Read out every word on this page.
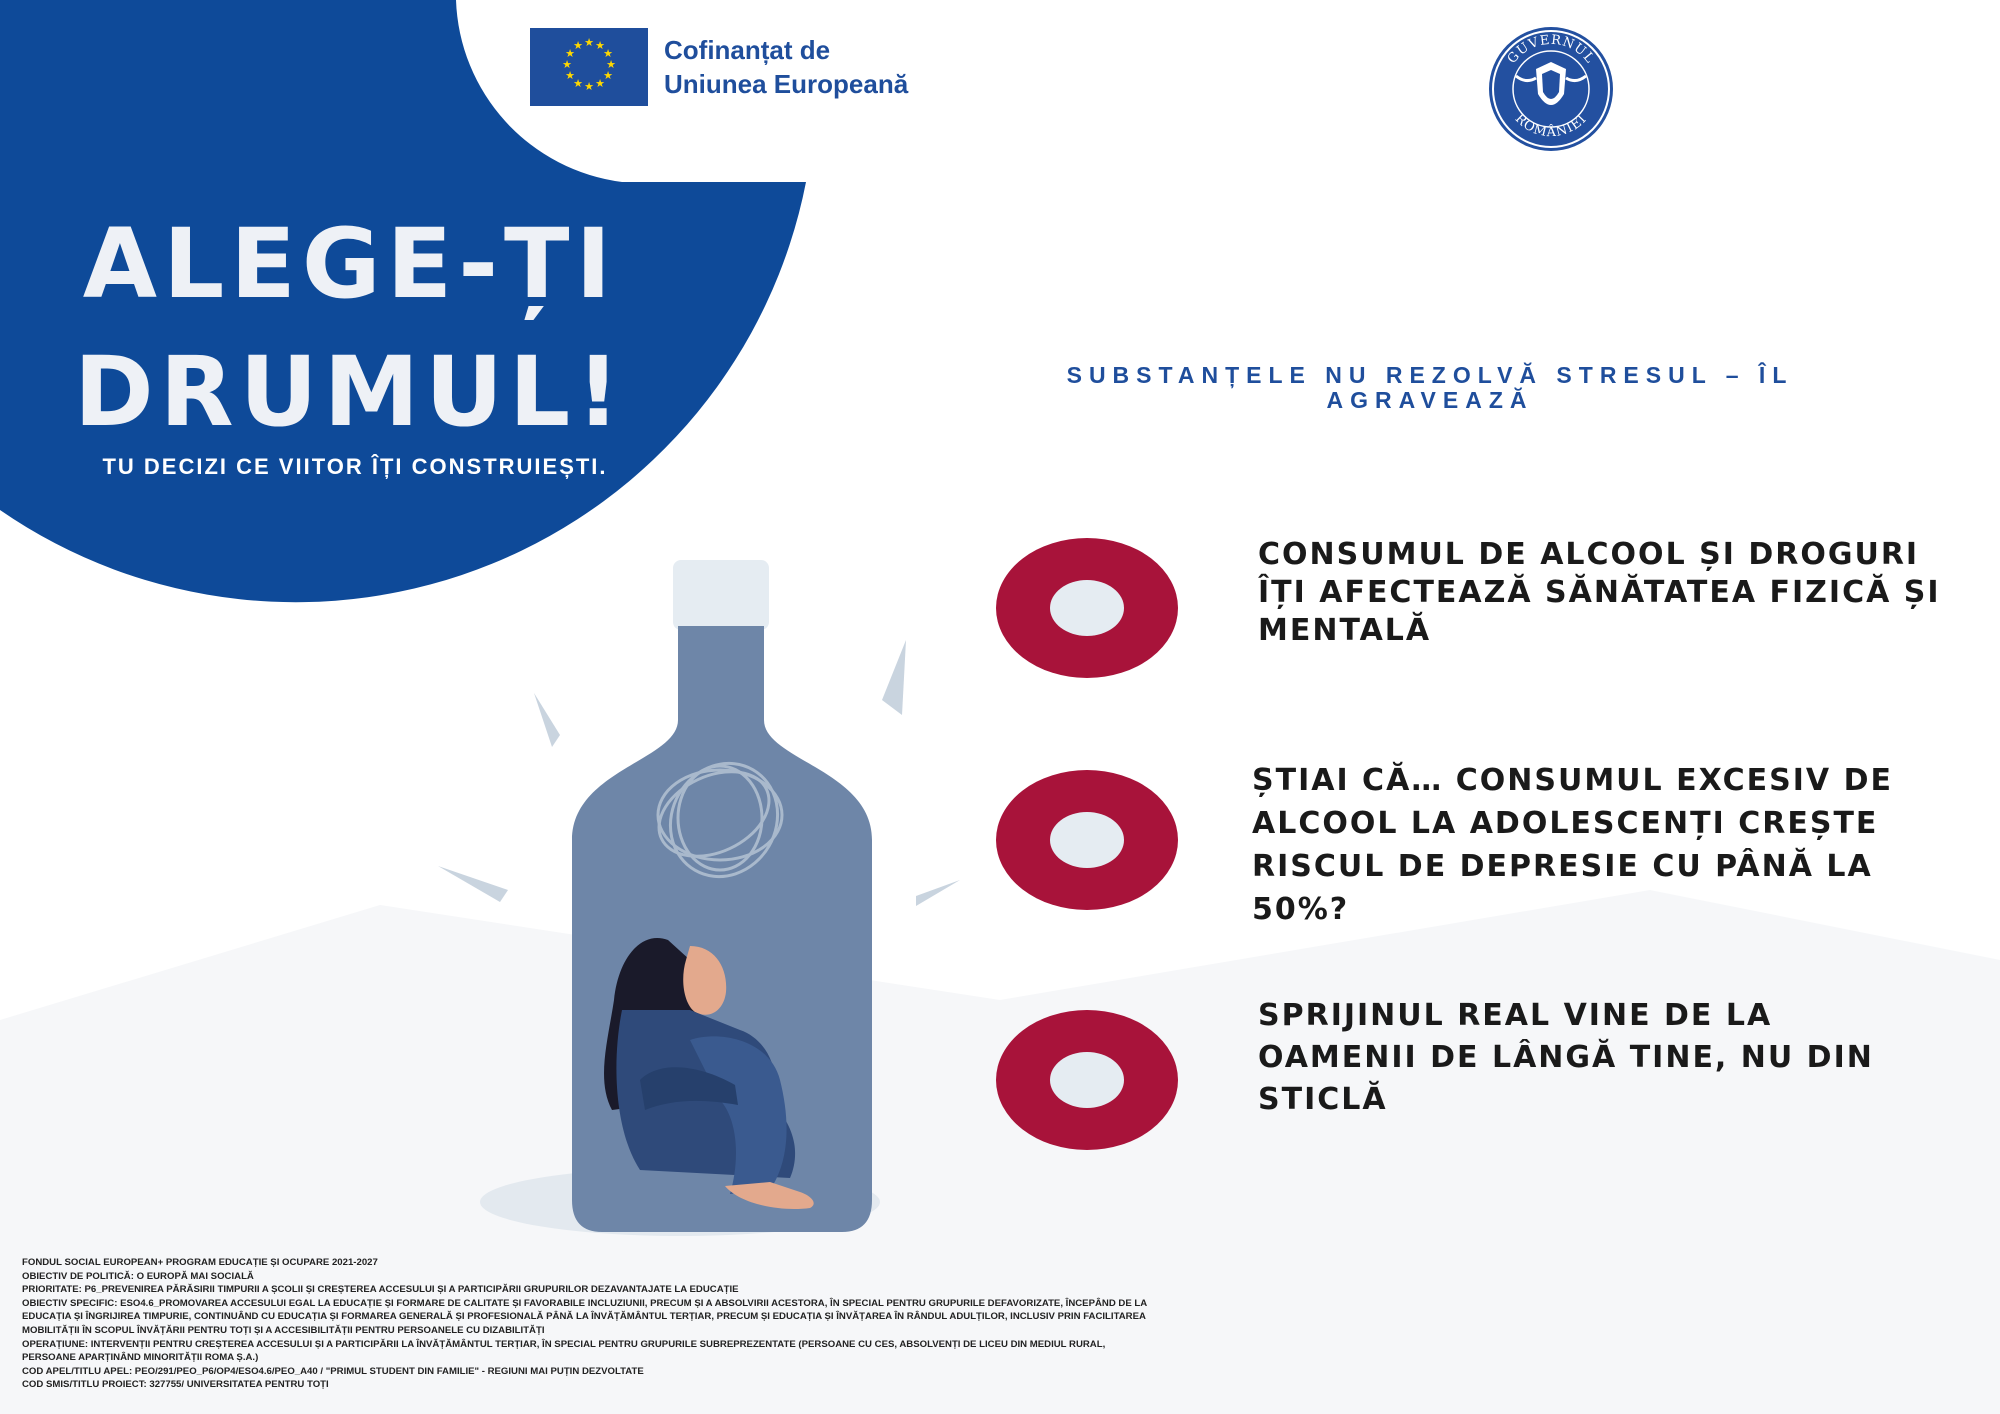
★ ★
★
★
★
★
★
★
★
★
★
★	Cofinanțat de
Uniunea Europeană
GUVERNUL
ROMÂNIEI
ALEGE-ȚI
DRUMUL!
TU DECIZI CE VIITOR ÎȚI CONSTRUIEȘTI.
SUBSTANȚELE NU REZOLVĂ STRESUL – ÎL
AGRAVEAZĂ
CONSUMUL DE ALCOOL ȘI DROGURI
ÎȚI AFECTEAZĂ SĂNĂTATEA FIZICĂ ȘI
MENTALĂ
ȘTIAI CĂ… CONSUMUL EXCESIV DE
ALCOOL LA ADOLESCENȚI CREȘTE
RISCUL DE DEPRESIE CU PÂNĂ LA
50%?
SPRIJINUL REAL VINE DE LA
OAMENII DE LÂNGĂ TINE, NU DIN
STICLĂ
FONDUL SOCIAL EUROPEAN+ PROGRAM EDUCAȚIE ȘI OCUPARE 2021-2027
OBIECTIV DE POLITICĂ: O EUROPĂ MAI SOCIALĂ
PRIORITATE: P6_PREVENIREA PĂRĂSIRII TIMPURII A ȘCOLII ȘI CREȘTEREA ACCESULUI ȘI A PARTICIPĂRII GRUPURILOR DEZAVANTAJATE LA EDUCAȚIE
OBIECTIV SPECIFIC: ESO4.6_PROMOVAREA ACCESULUI EGAL LA EDUCAȚIE ȘI FORMARE DE CALITATE ȘI FAVORABILE INCLUZIUNII, PRECUM ȘI A ABSOLVIRII ACESTORA, ÎN SPECIAL PENTRU GRUPURILE DEFAVORIZATE, ÎNCEPÂND DE LA
EDUCAȚIA ȘI ÎNGRIJIREA TIMPURIE, CONTINUÂND CU EDUCAȚIA ȘI FORMAREA GENERALĂ ȘI PROFESIONALĂ PÂNĂ LA ÎNVĂȚĂMÂNTUL TERȚIAR, PRECUM ȘI EDUCAȚIA ȘI ÎNVĂȚAREA ÎN RÂNDUL ADULȚILOR, INCLUSIV PRIN FACILITAREA
MOBILITĂȚII ÎN SCOPUL ÎNVĂȚĂRII PENTRU TOȚI ȘI A ACCESIBILITĂȚII PENTRU PERSOANELE CU DIZABILITĂȚI
OPERAȚIUNE: INTERVENȚII PENTRU CREȘTEREA ACCESULUI ȘI A PARTICIPĂRII LA ÎNVĂȚĂMÂNTUL TERȚIAR, ÎN SPECIAL PENTRU GRUPURILE SUBREPREZENTATE (PERSOANE CU CES, ABSOLVENȚI DE LICEU DIN MEDIUL RURAL,
PERSOANE APARȚINÂND MINORITĂȚII ROMA Ș.A.)
COD APEL/TITLU APEL: PEO/291/PEO_P6/OP4/ESO4.6/PEO_A40 / "PRIMUL STUDENT DIN FAMILIE" - REGIUNI MAI PUȚIN DEZVOLTATE
COD SMIS/TITLU PROIECT: 327755/ UNIVERSITATEA PENTRU TOȚI
